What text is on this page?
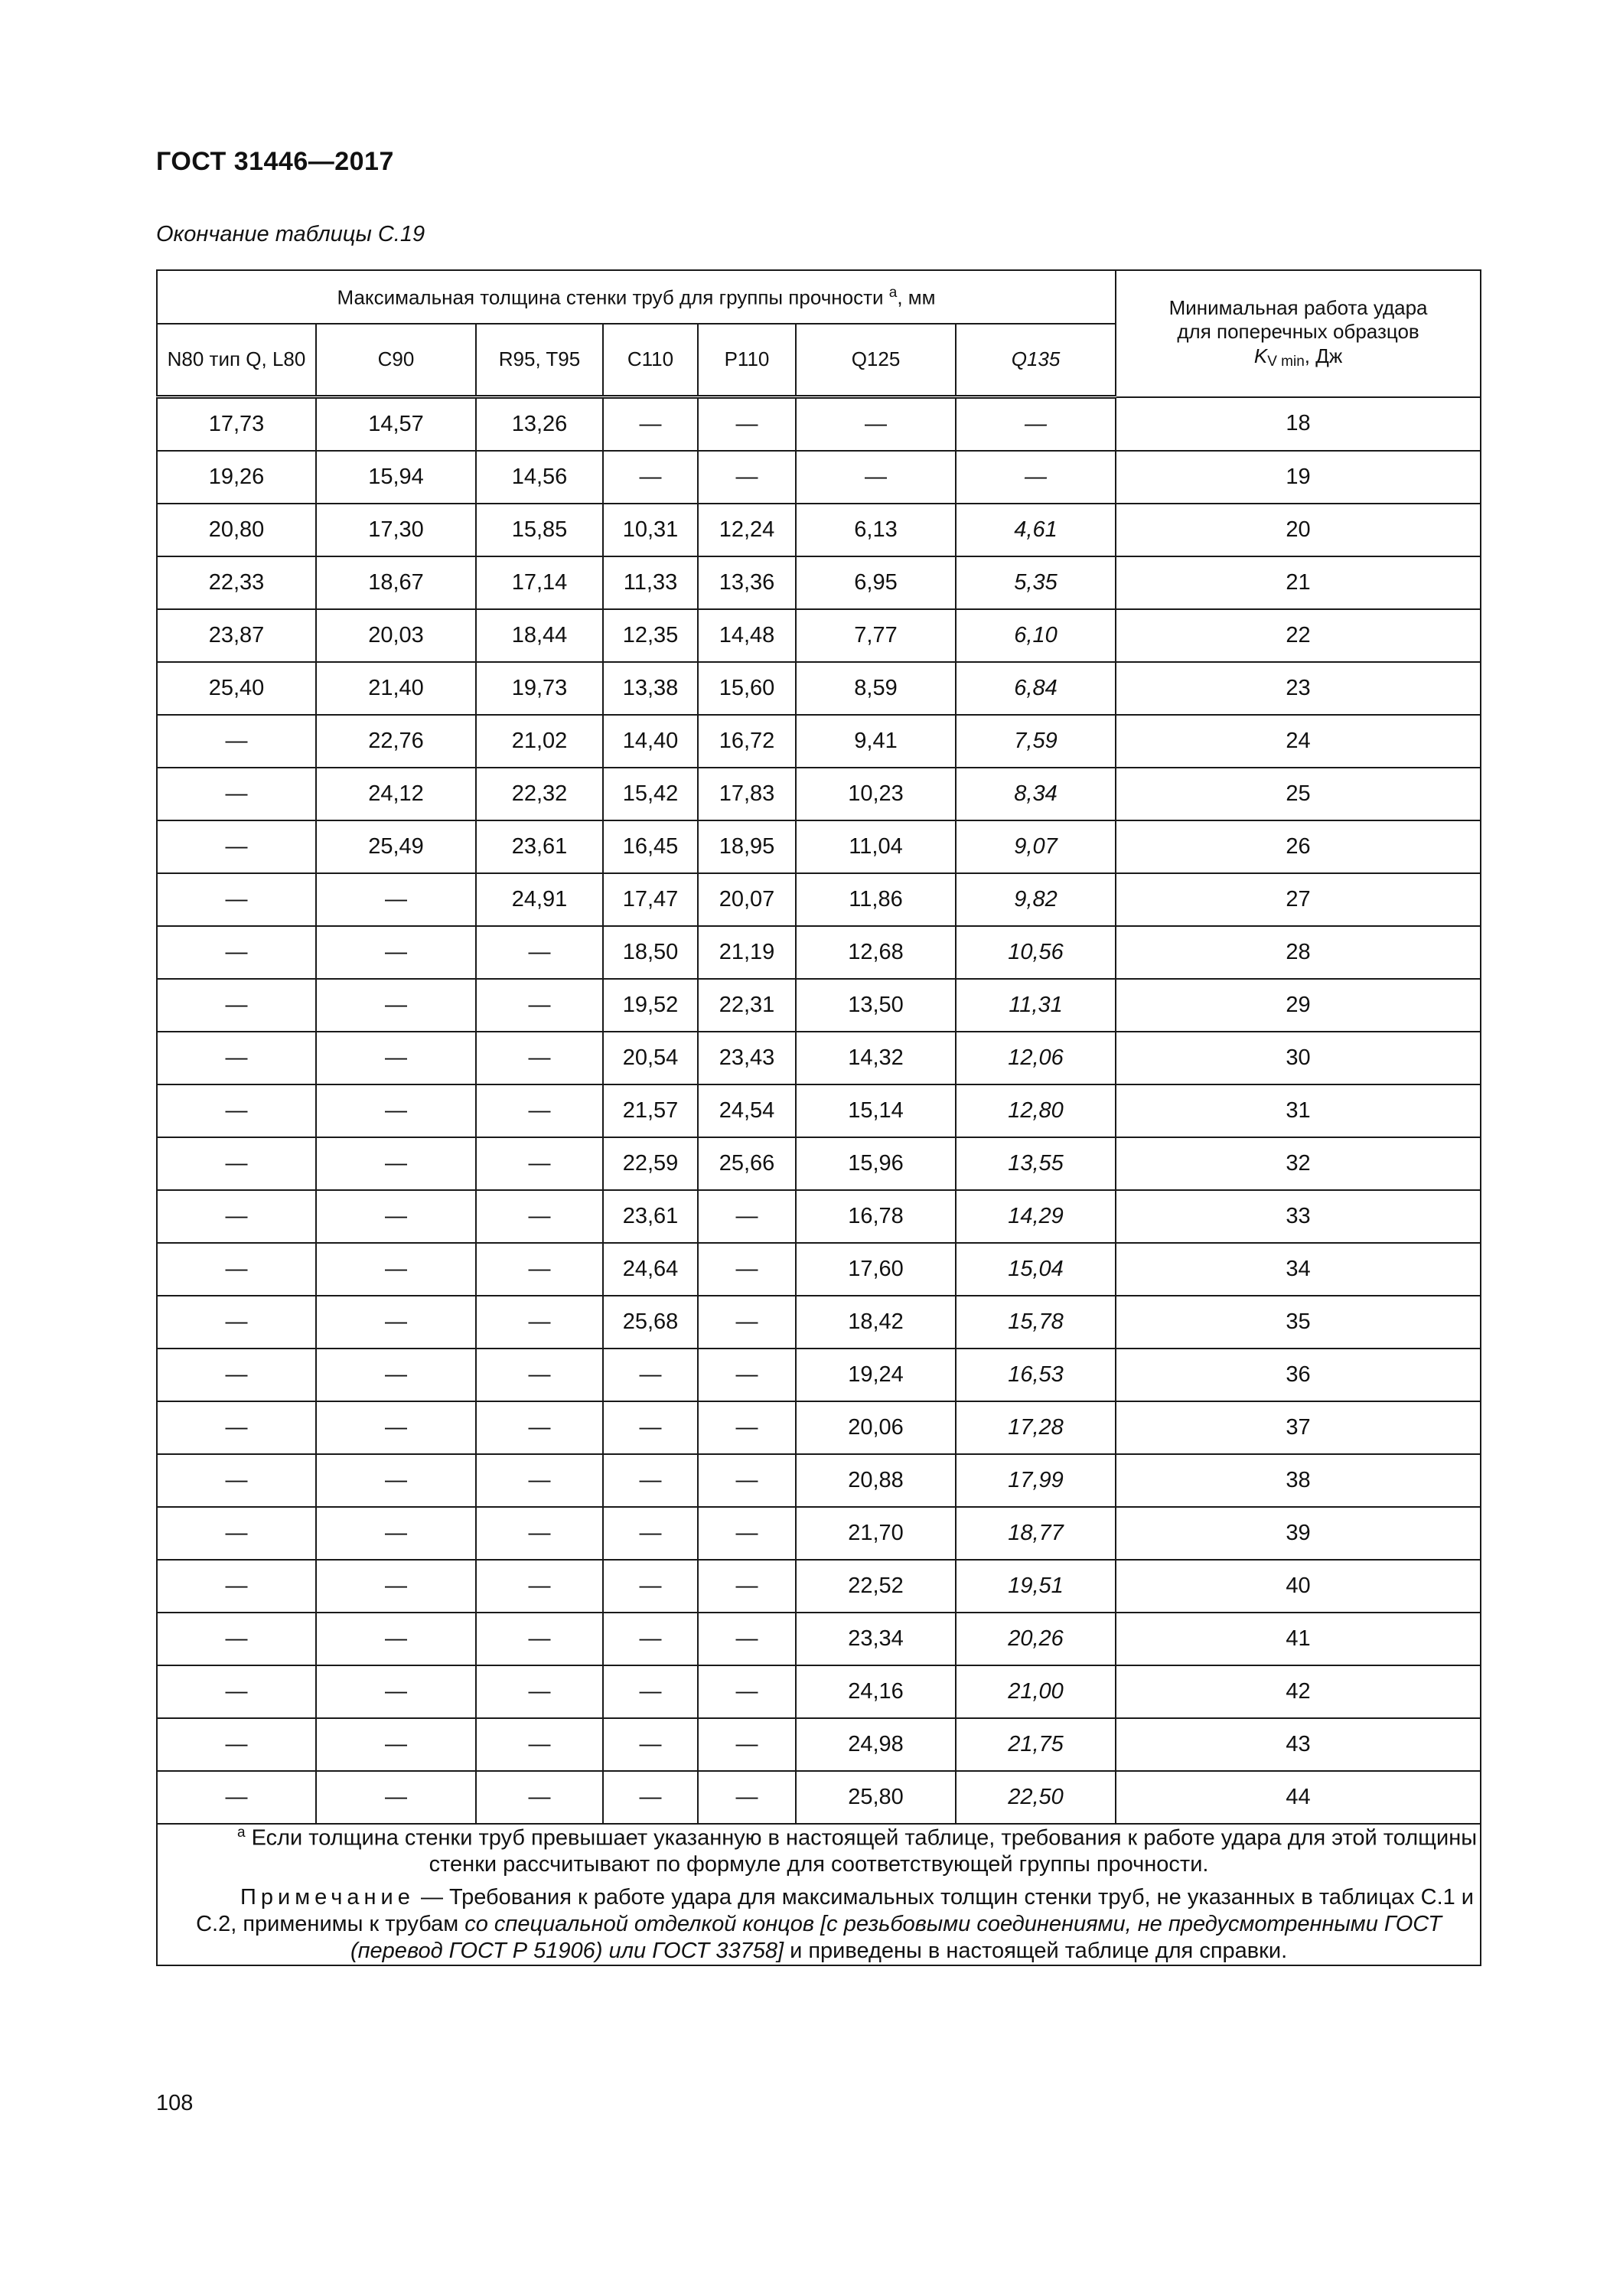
ГОСТ 31446—2017
Окончание таблицы С.19
Максимальная толщина стенки труб для группы прочности $^а$, мм							Минимальная работа удара
для поперечных образцов
KV min, Дж
N80 тип Q, L80	С90	R95, T95	С110	Р110	Q125	Q135	
17,73	14,57	13,26	—	—	—	—	18
19,26	15,94	14,56	—	—	—	—	19
20,80	17,30	15,85	10,31	12,24	6,13	4,61	20
22,33	18,67	17,14	11,33	13,36	6,95	5,35	21
23,87	20,03	18,44	12,35	14,48	7,77	6,10	22
25,40	21,40	19,73	13,38	15,60	8,59	6,84	23
—	22,76	21,02	14,40	16,72	9,41	7,59	24
—	24,12	22,32	15,42	17,83	10,23	8,34	25
—	25,49	23,61	16,45	18,95	11,04	9,07	26
—	—	24,91	17,47	20,07	11,86	9,82	27
—	—	—	18,50	21,19	12,68	10,56	28
—	—	—	19,52	22,31	13,50	11,31	29
—	—	—	20,54	23,43	14,32	12,06	30
—	—	—	21,57	24,54	15,14	12,80	31
—	—	—	22,59	25,66	15,96	13,55	32
—	—	—	23,61	—	16,78	14,29	33
—	—	—	24,64	—	17,60	15,04	34
—	—	—	25,68	—	18,42	15,78	35
—	—	—	—	—	19,24	16,53	36
—	—	—	—	—	20,06	17,28	37
—	—	—	—	—	20,88	17,99	38
—	—	—	—	—	21,70	18,77	39
—	—	—	—	—	22,52	19,51	40
—	—	—	—	—	23,34	20,26	41
—	—	—	—	—	24,16	21,00	42
—	—	—	—	—	24,98	21,75	43
—	—	—	—	—	25,80	22,50	44

$^а$ Если толщина стенки труб превышает указанную в настоящей таблице, требования к работе удара для этой толщины стенки рассчитывают по формуле для соответствующей группы прочности.

Примечание — Требования к работе удара для максимальных толщин стенки труб, не указанных в таблицах С.1 и С.2, применимы к трубам со специальной отделкой концов [с резьбовыми соединениями, не предусмотренными ГОСТ (перевод ГОСТ Р 51906) или ГОСТ 33758] и приведены в настоящей таблице для справки.							

108
